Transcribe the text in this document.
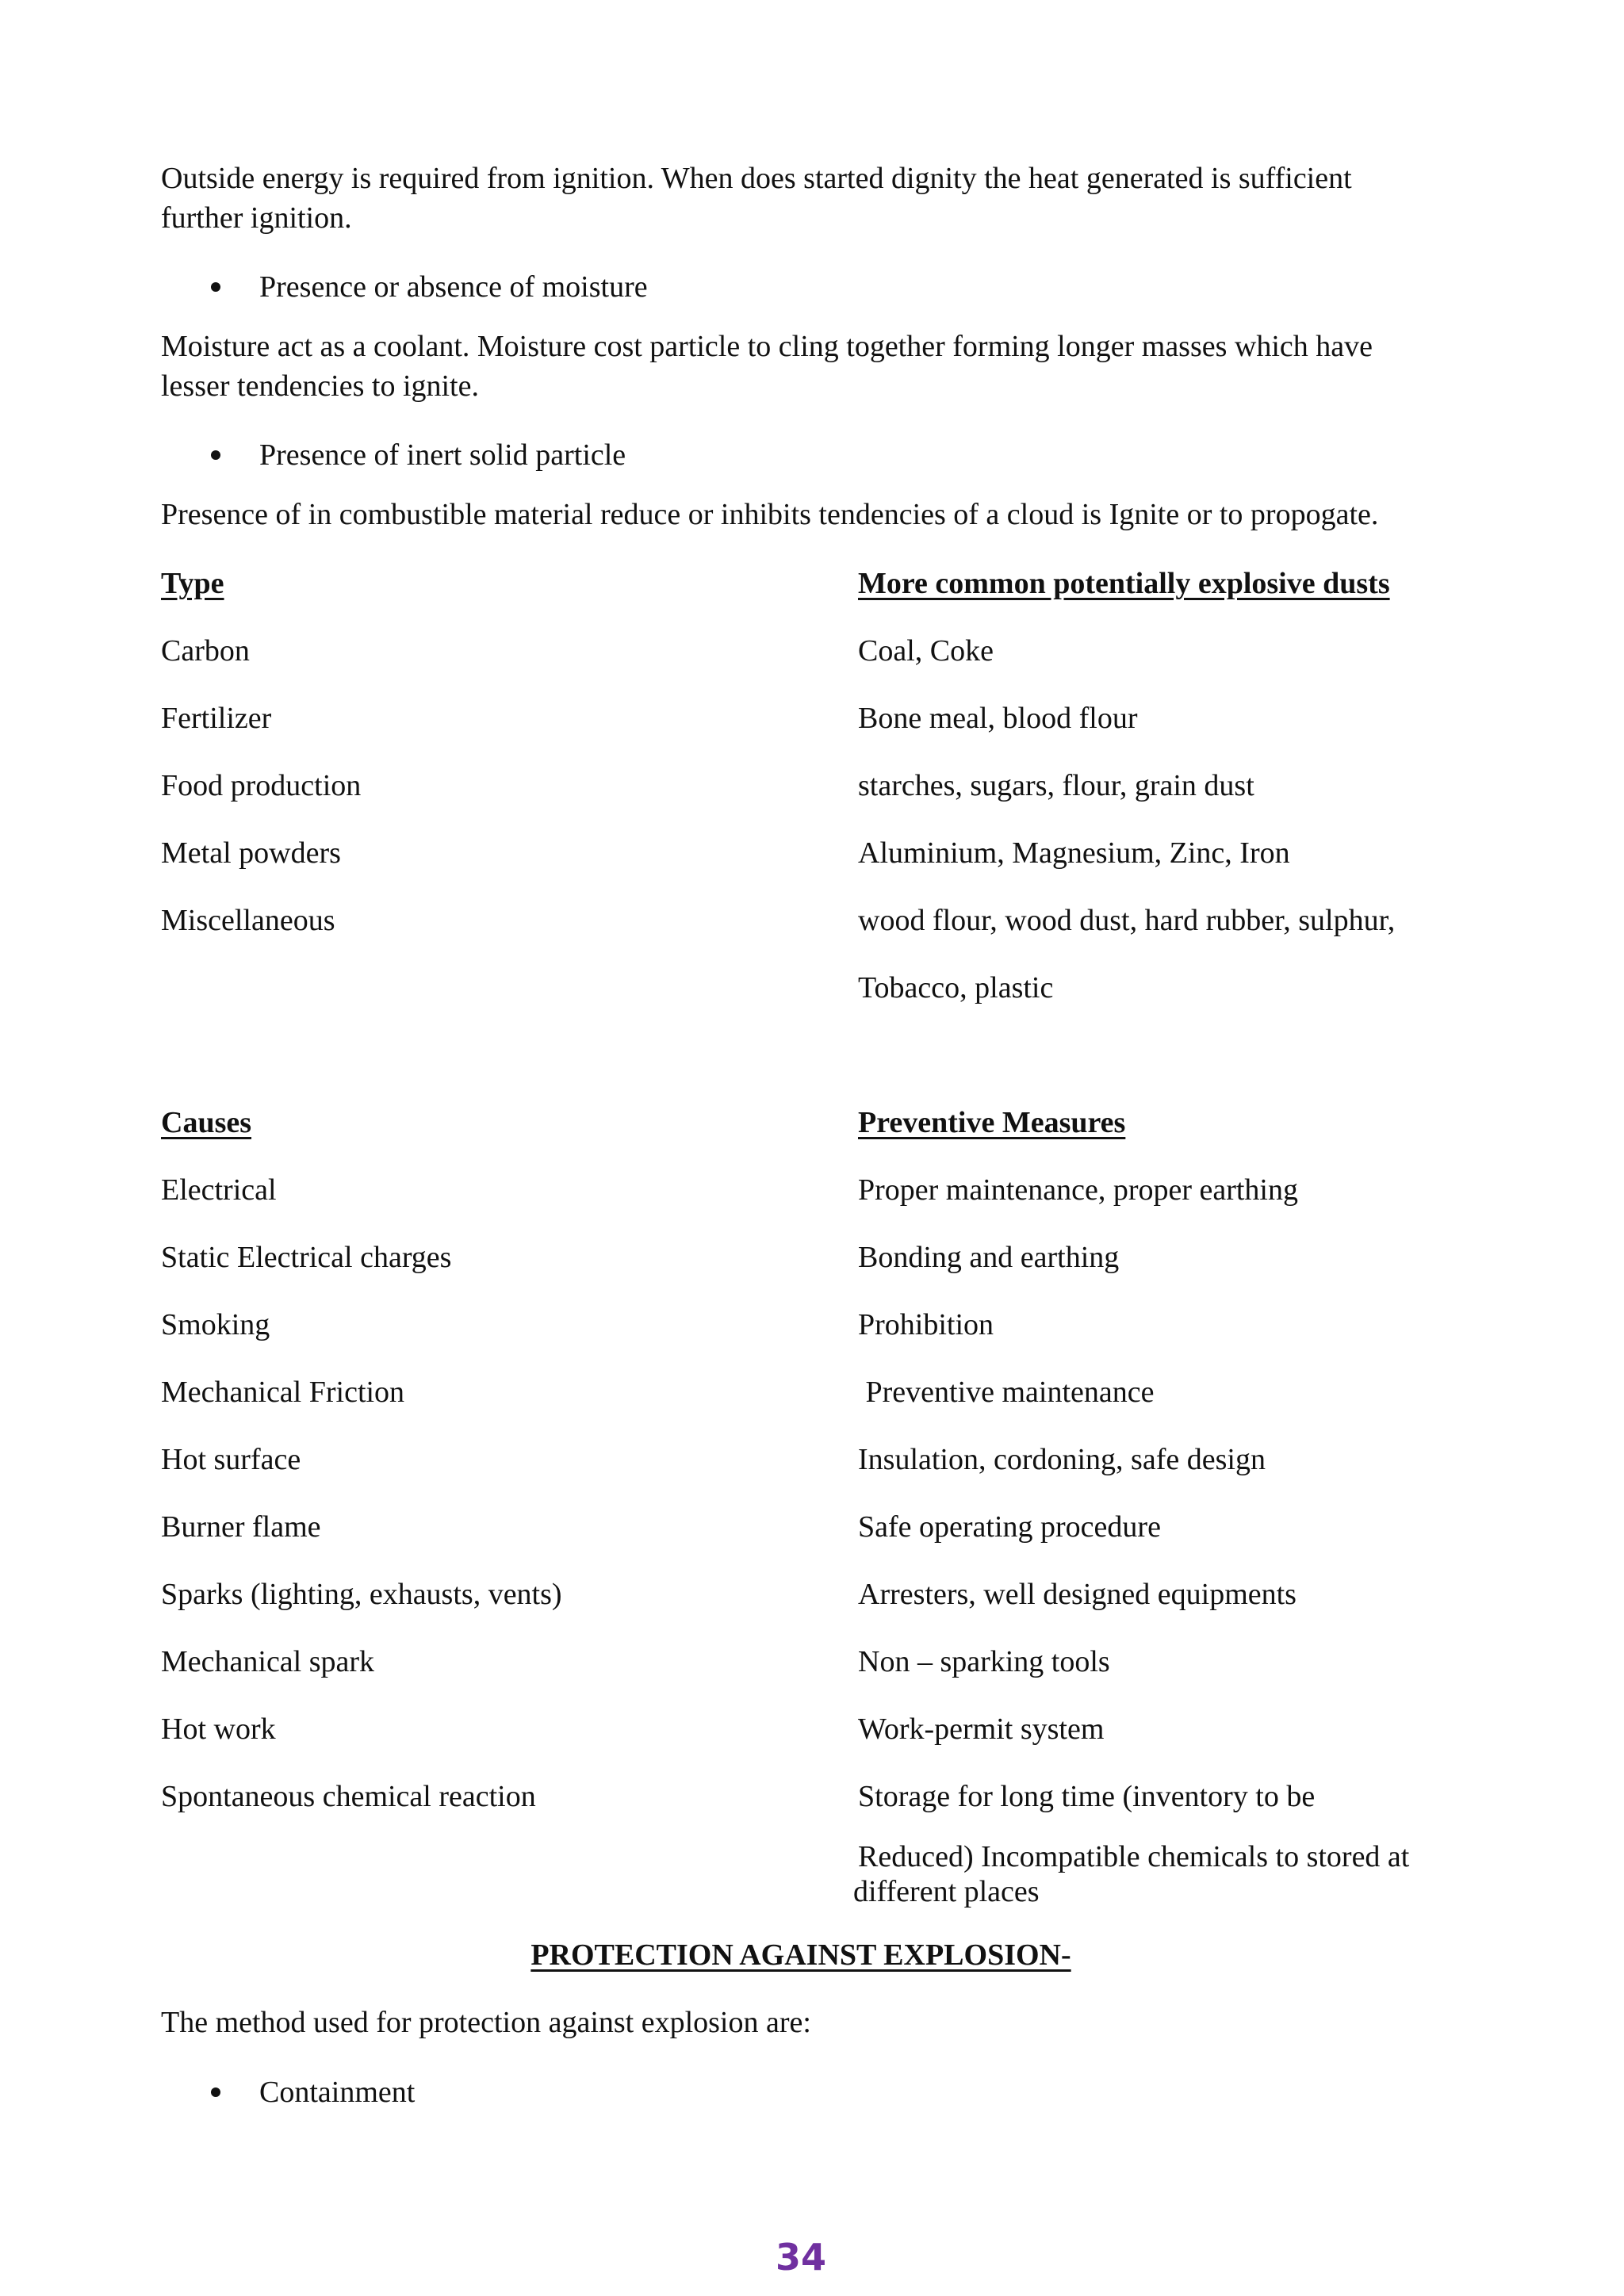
Outside energy is required from ignition. When does started dignity the heat generated is sufficient further ignition.
Presence or absence of moisture
Moisture act as a coolant. Moisture cost particle to cling together forming longer masses which have lesser tendencies to ignite.
Presence of inert solid particle
Presence of in combustible material reduce or inhibits tendencies of a cloud is Ignite or to propogate.
Type	More common potentially explosive dusts
Carbon	Coal, Coke
Fertilizer	Bone meal, blood flour
Food production	starches, sugars, flour, grain dust
Metal powders	Aluminium, Magnesium, Zinc, Iron
Miscellaneous	wood flour, wood dust, hard rubber, sulphur,
Tobacco, plastic
Causes	Preventive Measures
Electrical	Proper maintenance, proper earthing
Static Electrical charges	Bonding and earthing
Smoking	Prohibition
Mechanical Friction	Preventive maintenance
Hot surface	Insulation, cordoning, safe design
Burner flame	Safe operating procedure
Sparks (lighting, exhausts, vents)	Arresters, well designed equipments
Mechanical spark	Non – sparking tools
Hot work	Work-permit system
Spontaneous chemical reaction	Storage for long time (inventory to be
Reduced) Incompatible chemicals to stored at different places
PROTECTION AGAINST EXPLOSION-
The method used for protection against explosion are:
Containment
34
